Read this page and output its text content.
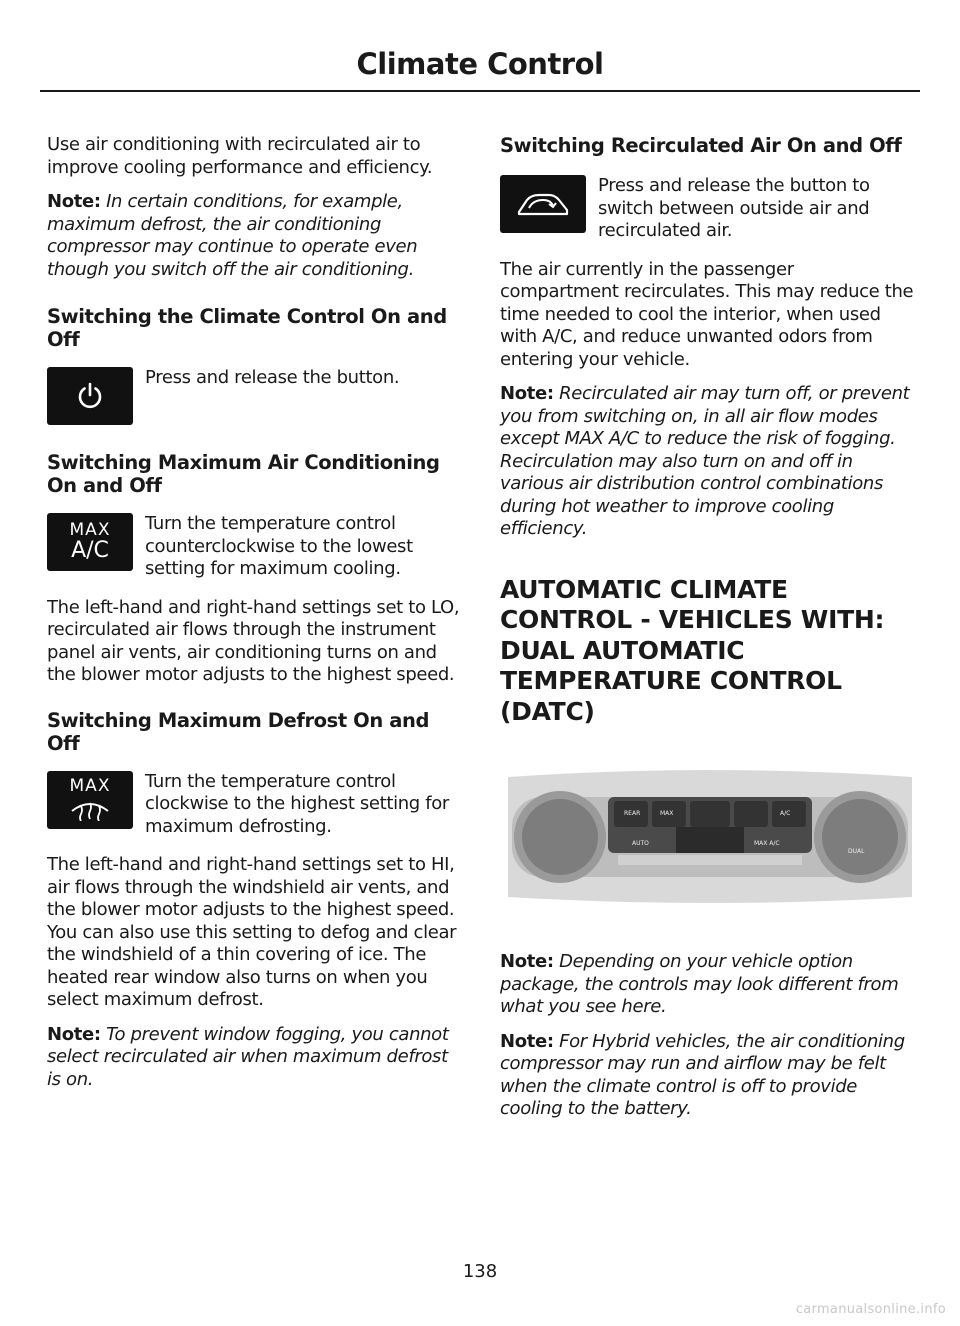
Climate Control

Use air conditioning with recirculated air to improve cooling performance and efficiency.

Note: In certain conditions, for example, maximum defrost, the air conditioning compressor may continue to operate even though you switch off the air conditioning.

Switching the Climate Control On and Off

Press and release the button.

Switching Maximum Air Conditioning On and Off
MAX
A/C

Turn the temperature control counterclockwise to the lowest setting for maximum cooling.

The left-hand and right-hand settings set to LO, recirculated air flows through the instrument panel air vents, air conditioning turns on and the blower motor adjusts to the highest speed.

Switching Maximum Defrost On and Off
MAX Turn the temperature control clockwise to the highest setting for maximum defrosting.

The left-hand and right-hand settings set to HI, air flows through the windshield air vents, and the blower motor adjusts to the highest speed. You can also use this setting to defog and clear the windshield of a thin covering of ice. The heated rear window also turns on when you select maximum defrost.

Note: To prevent window fogging, you cannot select recirculated air when maximum defrost is on.

Switching Recirculated Air On and Off

Press and release the button to switch between outside air and recirculated air.

The air currently in the passenger compartment recirculates. This may reduce the time needed to cool the interior, when used with A/C, and reduce unwanted odors from entering your vehicle.

Note: Recirculated air may turn off, or prevent you from switching on, in all air flow modes except MAX A/C to reduce the risk of fogging. Recirculation may also turn on and off in various air distribution control combinations during hot weather to improve cooling efficiency.

AUTOMATIC CLIMATE CONTROL - VEHICLES WITH: DUAL AUTOMATIC TEMPERATURE CONTROL (DATC)
REAR	MAX	A/C
AUTO	MAX A/C
DUAL

Note: Depending on your vehicle option package, the controls may look different from what you see here.

Note: For Hybrid vehicles, the air conditioning compressor may run and airflow may be felt when the climate control is off to provide cooling to the battery.

138
carmanualsonline.info
